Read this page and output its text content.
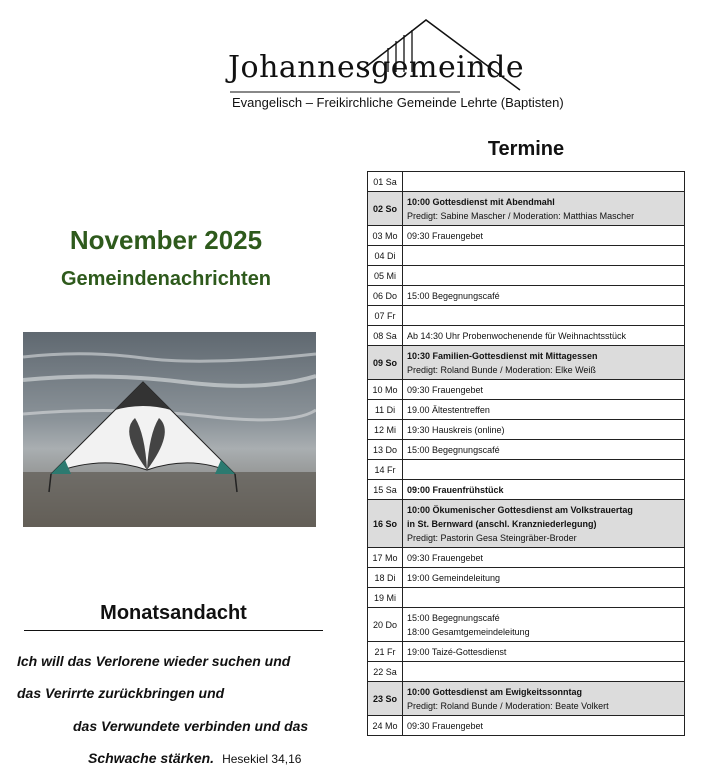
Johannesgemeinde
Evangelisch – Freikirchliche Gemeinde Lehrte (Baptisten)
Termine
November 2025
Gemeindenachrichten
Monatsandacht
Ich will das Verlorene wieder suchen und
das Verirrte zurückbringen und
das Verwundete verbinden und das
Schwache stärken. Hesekiel 34,16
01 Sa	
02 So	10:00 Gottesdienst mit Abendmahl
Predigt: Sabine Mascher / Moderation: Matthias Mascher

03 Mo	09:30 Frauengebet

04 Di	
05 Mi	
06 Do	15:00 Begegnungscafé

07 Fr	
08 Sa	Ab 14:30 Uhr Probenwochenende für Weihnachtsstück

09 So	10:30 Familien-Gottesdienst mit Mittagessen
Predigt: Roland Bunde / Moderation: Elke Weiß

10 Mo	09:30 Frauengebet

11 Di	19.00 Ältestentreffen

12 Mi	19:30 Hauskreis (online)

13 Do	15:00 Begegnungscafé

14 Fr	
15 Sa	09:00 Frauenfrühstück

16 So	10:00 Ökumenischer Gottesdienst am Volkstrauertag
in St. Bernward (anschl. Kranzniederlegung)
Predigt: Pastorin Gesa Steingräber-Broder

17 Mo	09:30 Frauengebet

18 Di	19:00 Gemeindeleitung

19 Mi	
20 Do	15:00 Begegnungscafé
18:00 Gesamtgemeindeleitung

21 Fr	19:00 Taizé-Gottesdienst

22 Sa	
23 So	10:00 Gottesdienst am Ewigkeitssonntag
Predigt: Roland Bunde / Moderation: Beate Volkert

24 Mo	09:30 Frauengebet
